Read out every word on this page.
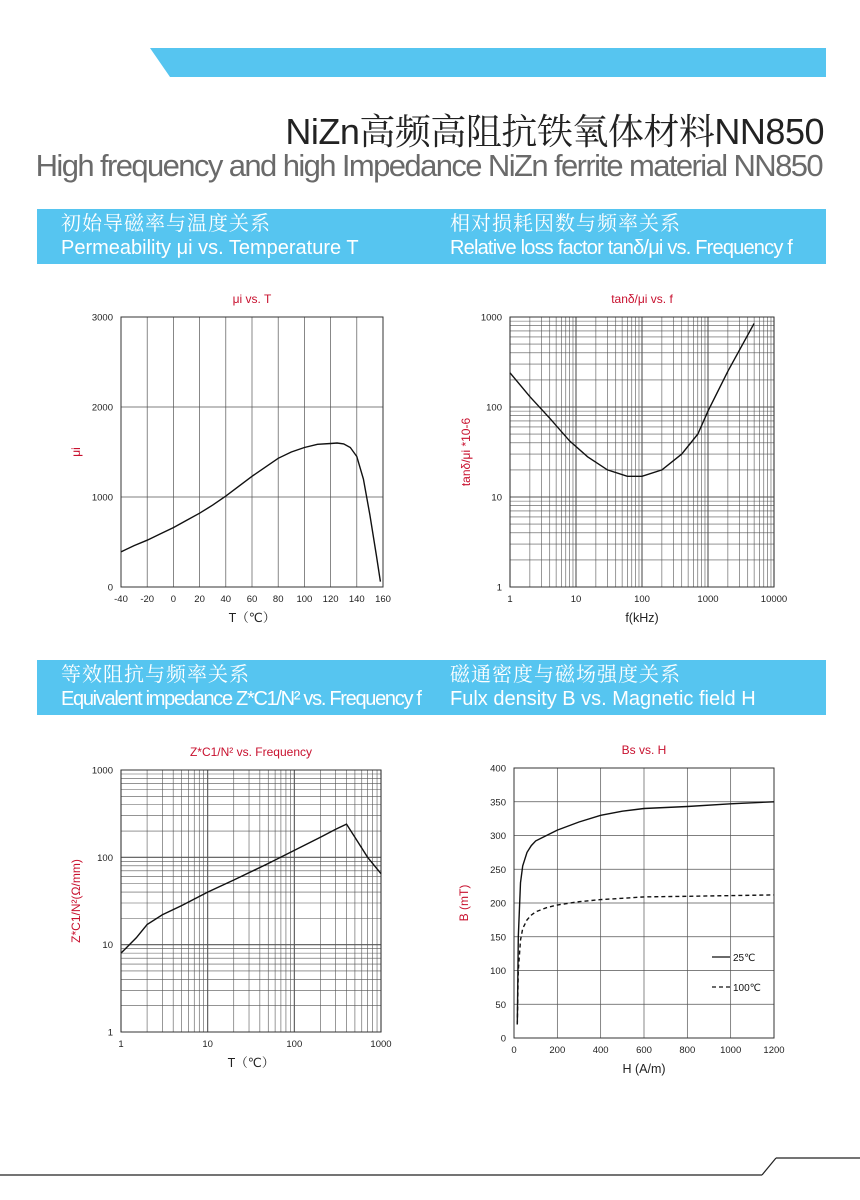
NiZn高频高阻抗铁氧体材料NN850
High frequency and high Impedance NiZn ferrite material NN850
初始导磁率与温度关系
Permeability μi vs. Temperature T
相对损耗因数与频率关系
Relative loss factor tanδ/μi vs. Frequency f
等效阻抗与频率关系
Equivalent impedance Z*C1/N² vs. Frequency f
磁通密度与磁场强度关系
Fulx density B vs. Magnetic field H
-40 -20 0 20 40 60 80 100 120 140 160
0
1000
2000
3000
μi vs. T
T（℃）
μi
1	10	100	1000	10000
1
10
100
1000
tanδ/μi vs. f
f(kHz)
tanδ/μi *10-6
1	10	100	1000
1
10
100
1000
Z*C1/N² vs. Frequency
T（℃）
Z*C1/N²(Ω/mm)
0	200	400	600	800	1000 1200
0
50
100
150
200
250
300
350
400
Bs vs. H
H (A/m)
B (mT)
25℃
100℃
